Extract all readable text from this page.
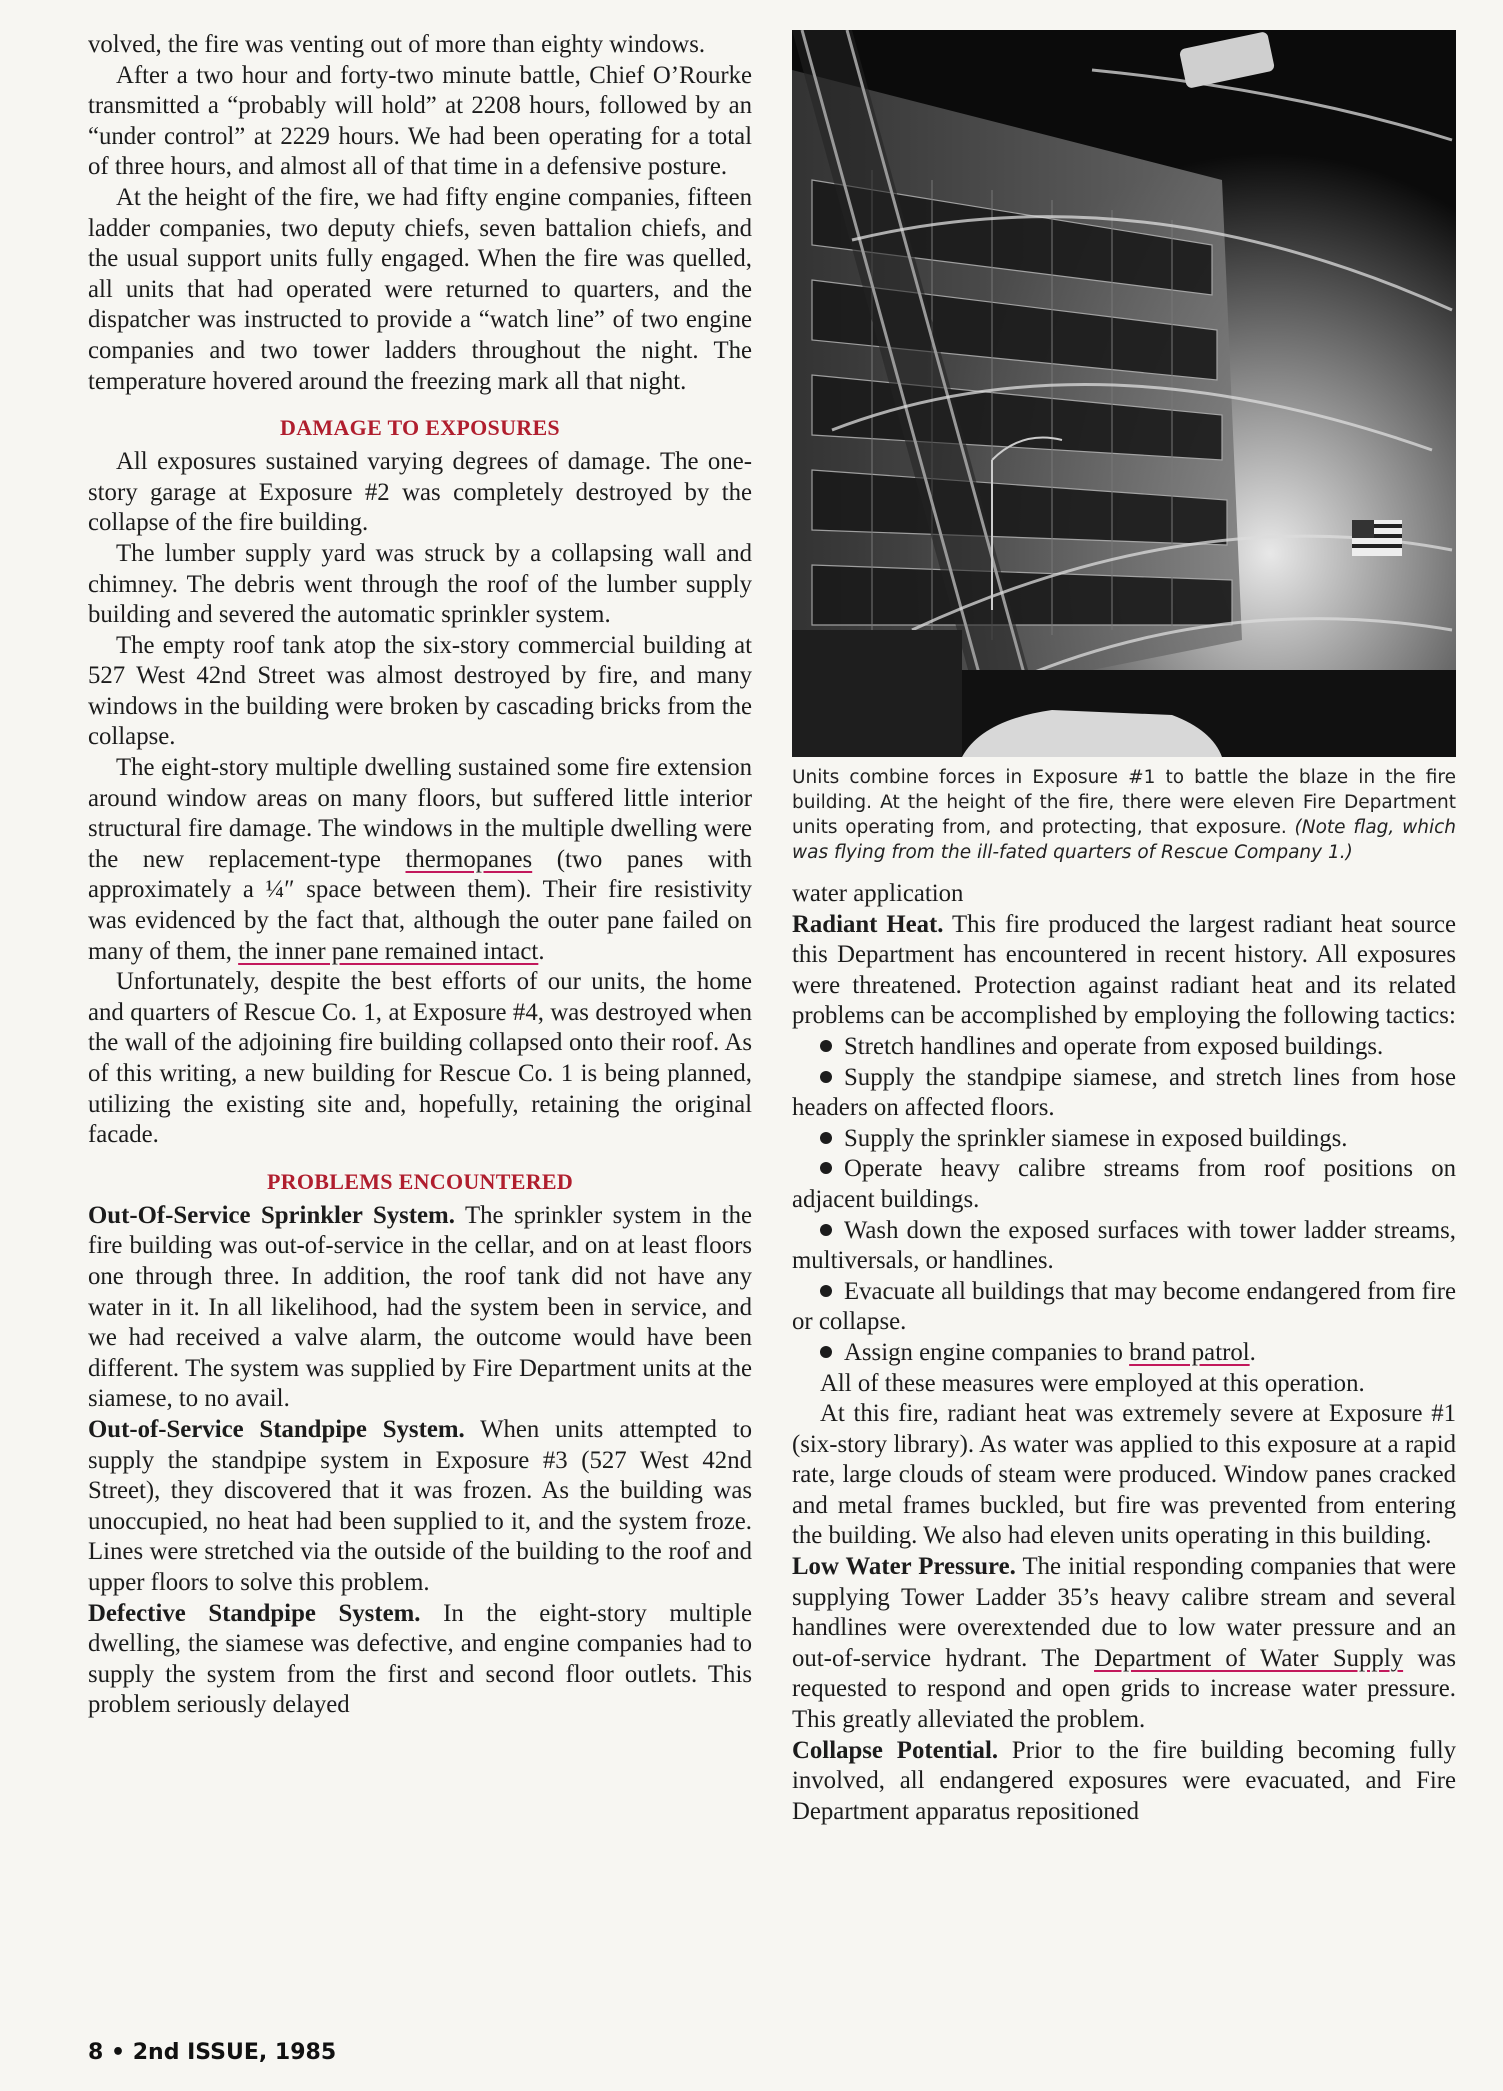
volved, the fire was venting out of more than eighty windows.

After a two hour and forty-two minute battle, Chief O’Rourke transmitted a “probably will hold” at 2208 hours, followed by an “under control” at 2229 hours. We had been operating for a total of three hours, and almost all of that time in a defensive posture.

At the height of the fire, we had fifty engine companies, fifteen ladder companies, two deputy chiefs, seven battalion chiefs, and the usual support units fully engaged. When the fire was quelled, all units that had operated were returned to quarters, and the dispatcher was instructed to provide a “watch line” of two engine companies and two tower ladders throughout the night. The temperature hovered around the freezing mark all that night.

DAMAGE TO EXPOSURES

All exposures sustained varying degrees of damage. The one-story garage at Exposure #2 was completely destroyed by the collapse of the fire building.

The lumber supply yard was struck by a collapsing wall and chimney. The debris went through the roof of the lumber supply building and severed the automatic sprinkler system.

The empty roof tank atop the six-story commercial building at 527 West 42nd Street was almost destroyed by fire, and many windows in the building were broken by cascading bricks from the collapse.

The eight-story multiple dwelling sustained some fire extension around window areas on many floors, but suffered little interior structural fire damage. The windows in the multiple dwelling were the new replacement-type thermopanes (two panes with approximately a ¼″ space between them). Their fire resistivity was evidenced by the fact that, although the outer pane failed on many of them, the inner pane remained intact.

Unfortunately, despite the best efforts of our units, the home and quarters of Rescue Co. 1, at Exposure #4, was destroyed when the wall of the adjoining fire building collapsed onto their roof. As of this writing, a new building for Rescue Co. 1 is being planned, utilizing the existing site and, hopefully, retaining the original facade.

PROBLEMS ENCOUNTERED

Out-Of-Service Sprinkler System. The sprinkler system in the fire building was out-of-service in the cellar, and on at least floors one through three. In addition, the roof tank did not have any water in it. In all likelihood, had the system been in service, and we had received a valve alarm, the outcome would have been different. The system was supplied by Fire Department units at the siamese, to no avail.

Out-of-Service Standpipe System. When units attempted to supply the standpipe system in Exposure #3 (527 West 42nd Street), they discovered that it was frozen. As the building was unoccupied, no heat had been supplied to it, and the system froze. Lines were stretched via the outside of the building to the roof and upper floors to solve this problem.

Defective Standpipe System. In the eight-story multiple dwelling, the siamese was defective, and engine companies had to supply the system from the first and second floor outlets. This problem seriously delayed

Units combine forces in Exposure #1 to battle the blaze in the fire building. At the height of the fire, there were eleven Fire Department units operating from, and protecting, that exposure. (Note flag, which was flying from the ill-fated quarters of Rescue Company 1.)

water application

Radiant Heat. This fire produced the largest radiant heat source this Department has encountered in recent history. All exposures were threatened. Protection against radiant heat and its related problems can be accomplished by employing the following tactics:

Stretch handlines and operate from exposed buildings.

Supply the standpipe siamese, and stretch lines from hose headers on affected floors.

Supply the sprinkler siamese in exposed buildings.

Operate heavy calibre streams from roof positions on adjacent buildings.

Wash down the exposed surfaces with tower ladder streams, multiversals, or handlines.

Evacuate all buildings that may become endangered from fire or collapse.

Assign engine companies to brand patrol.

All of these measures were employed at this operation.

At this fire, radiant heat was extremely severe at Exposure #1 (six-story library). As water was applied to this exposure at a rapid rate, large clouds of steam were produced. Window panes cracked and metal frames buckled, but fire was prevented from entering the building. We also had eleven units operating in this building.

Low Water Pressure. The initial responding companies that were supplying Tower Ladder 35’s heavy calibre stream and several handlines were overextended due to low water pressure and an out-of-service hydrant. The Department of Water Supply was requested to respond and open grids to increase water pressure. This greatly alleviated the problem.

Collapse Potential. Prior to the fire building becoming fully involved, all endangered exposures were evacuated, and Fire Department apparatus repositioned

8 • 2nd ISSUE, 1985
